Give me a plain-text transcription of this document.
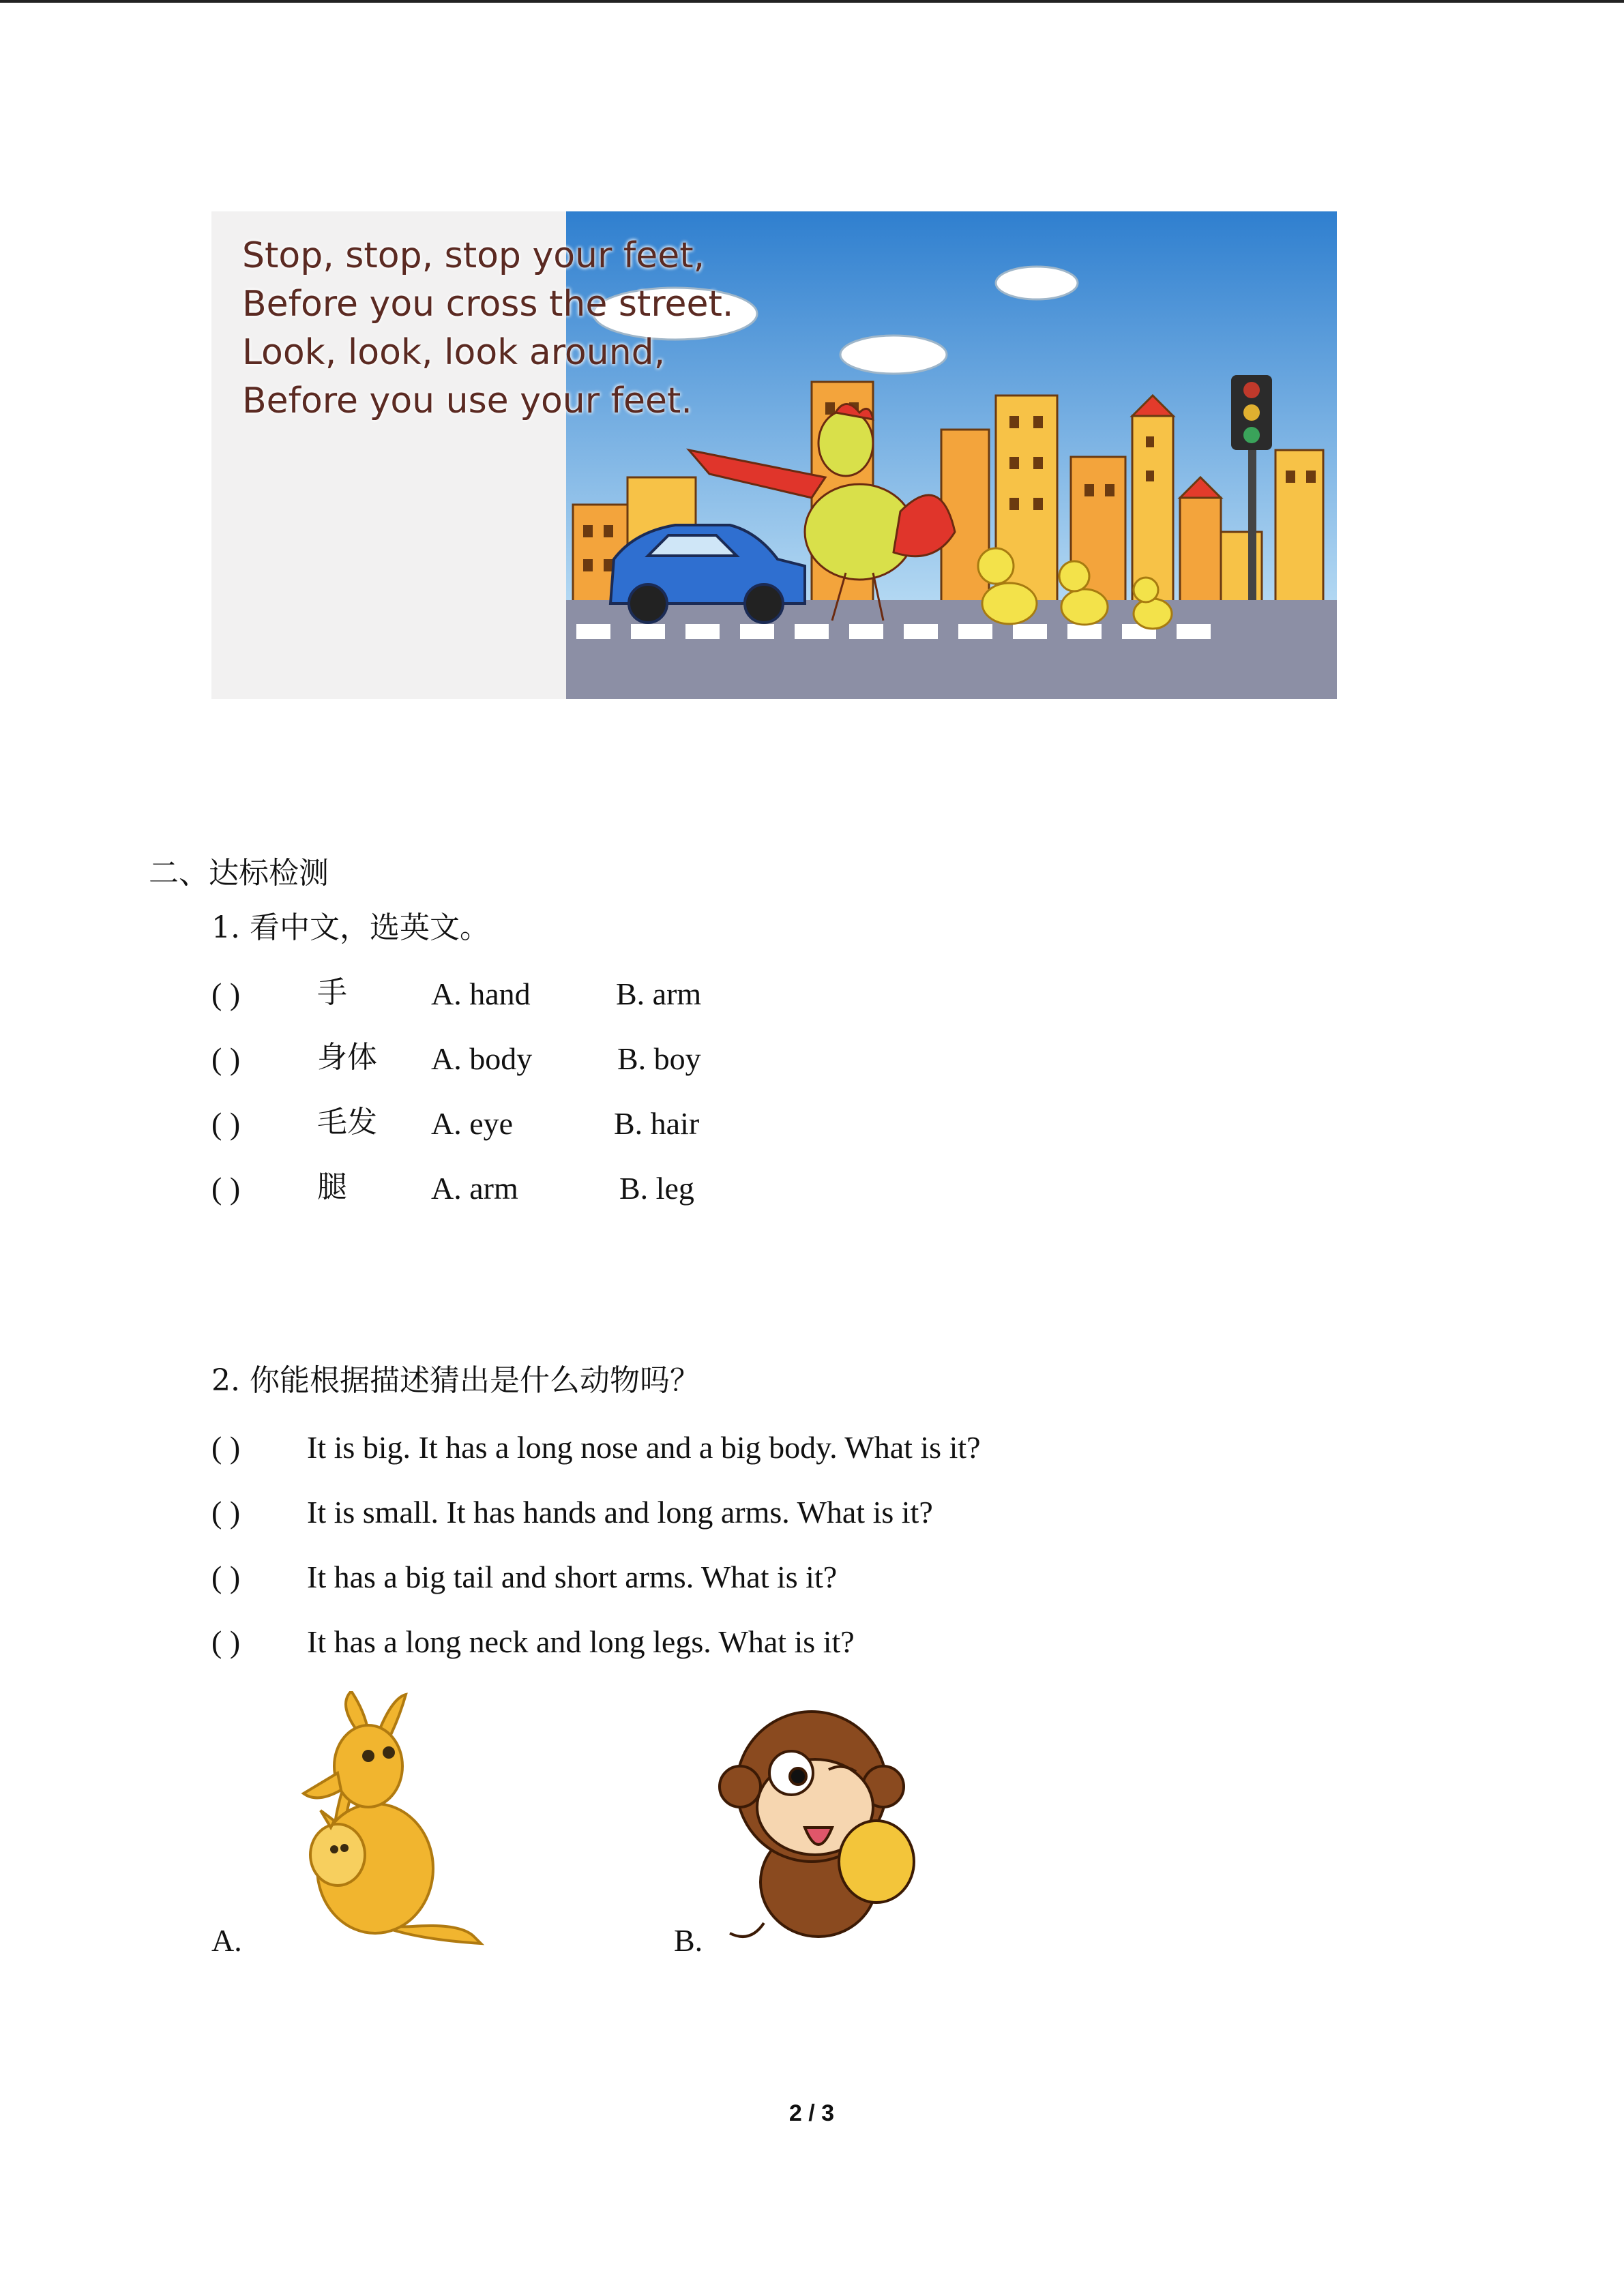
Stop, stop, stop your feet,
Before you cross the street.
Look, look, look around,
Before you use your feet.
二、达标检测
1. 看中文，选英文。
( )	手	A. hand	B. arm
( )	身体 A. body	B. boy
( )	毛发 A. eye	B. hair
( )	腿	A. arm	B. leg
2. 你能根据描述猜出是什么动物吗？
( ) It is big. It has a long nose and a big body. What is it?
( ) It is small. It has hands and long arms. What is it?
( ) It has a big tail and short arms. What is it?
( ) It has a long neck and long legs. What is it?
A.	B.
2 / 3
